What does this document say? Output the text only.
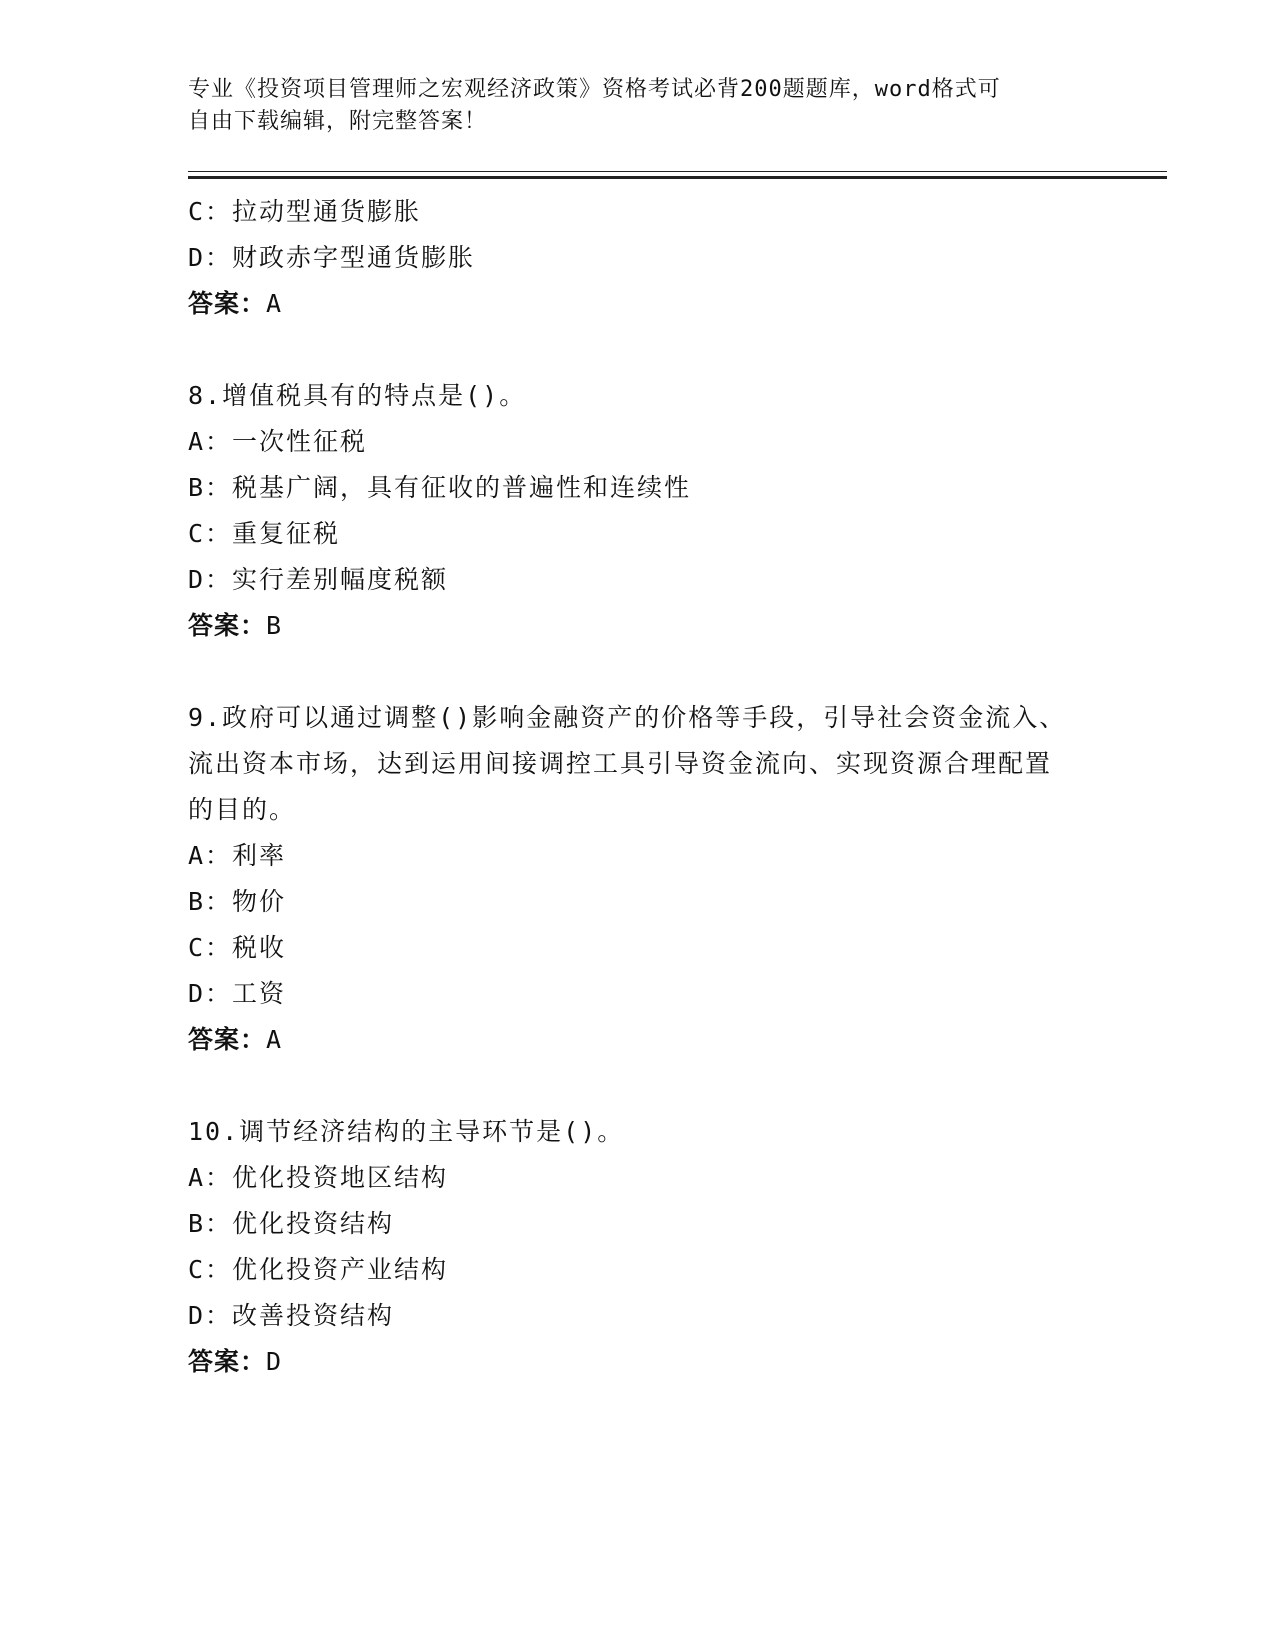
专业《投资项目管理师之宏观经济政策》资格考试必背200题题库，word格式可
自由下载编辑，附完整答案！
C：拉动型通货膨胀
D：财政赤字型通货膨胀
答案：A
8.增值税具有的特点是()。
A：一次性征税
B：税基广阔，具有征收的普遍性和连续性
C：重复征税
D：实行差别幅度税额
答案：B
9.政府可以通过调整()影响金融资产的价格等手段，引导社会资金流入、流出资本市场，达到运用间接调控工具引导资金流向、实现资源合理配置的目的。
A：利率
B：物价
C：税收
D：工资
答案：A
10.调节经济结构的主导环节是()。
A：优化投资地区结构
B：优化投资结构
C：优化投资产业结构
D：改善投资结构
答案：D
